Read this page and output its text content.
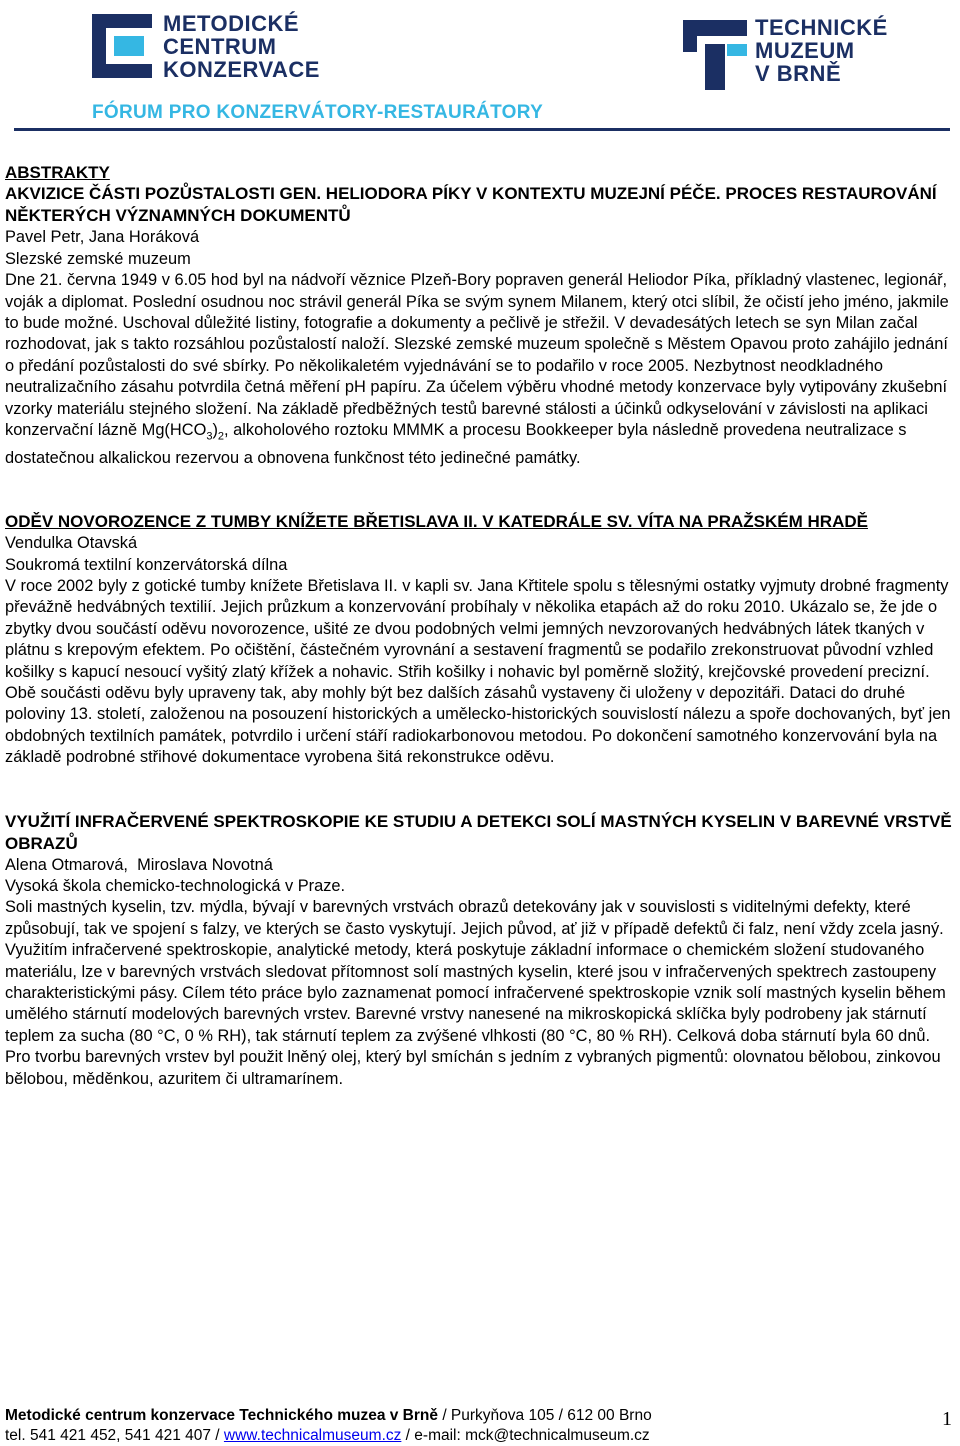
METODICKÉ
CENTRUM
KONZERVACE
TECHNICKÉ
MUZEUM
V BRNĚ
FÓRUM PRO KONZERVÁTORY-RESTAURÁTORY

ABSTRAKTY

AKVIZICE ČÁSTI POZŮSTALOSTI GEN. HELIODORA PÍKY V KONTEXTU MUZEJNÍ PÉČE. PROCES RESTAUROVÁNÍ NĚKTERÝCH VÝZNAMNÝCH DOKUMENTŮ

Pavel Petr, Jana Horáková
Slezské zemské muzeum

Dne 21. června 1949 v 6.05 hod byl na nádvoří věznice Plzeň-Bory popraven generál Heliodor Píka, příkladný vlastenec, legionář, voják a diplomat. Poslední osudnou noc strávil generál Píka se svým synem Milanem, který otci slíbil, že očistí jeho jméno, jakmile to bude možné. Uschoval důležité listiny, fotografie a dokumenty a pečlivě je střežil. V devadesátých letech se syn Milan začal rozhodovat, jak s takto rozsáhlou pozůstalostí naloží. Slezské zemské muzeum společně s Městem Opavou proto zahájilo jednání o předání pozůstalosti do své sbírky. Po několikaletém vyjednávání se to podařilo v roce 2005. Nezbytnost neodkladného neutralizačního zásahu potvrdila četná měření pH papíru. Za účelem výběru vhodné metody konzervace byly vytipovány zkušební vzorky materiálu stejného složení. Na základě předběžných testů barevné stálosti a účinků odkyselování v závislosti na aplikaci konzervační lázně $Mg(HCO_3)_2$, alkoholového roztoku MMMK a procesu Bookkeeper byla následně provedena neutralizace s dostatečnou alkalickou rezervou a obnovena funkčnost této jedinečné památky.

ODĚV NOVOROZENCE Z TUMBY KNÍŽETE BŘETISLAVA II. V KATEDRÁLE SV. VÍTA NA PRAŽSKÉM HRADĚ

Vendulka Otavská
Soukromá textilní konzervátorská dílna

V roce 2002 byly z gotické tumby knížete Břetislava II. v kapli sv. Jana Křtitele spolu s tělesnými ostatky vyjmuty drobné fragmenty převážně hedvábných textilií. Jejich průzkum a konzervování probíhaly v několika etapách až do roku 2010. Ukázalo se, že jde o zbytky dvou součástí oděvu novorozence, ušité ze dvou podobných velmi jemných nevzorovaných hedvábných látek tkaných v plátnu s krepovým efektem. Po očištění, částečném vyrovnání a sestavení fragmentů se podařilo zrekonstruovat původní vzhled košilky s kapucí nesoucí vyšitý zlatý křížek a nohavic. Střih košilky i nohavic byl poměrně složitý, krejčovské provedení precizní. Obě součásti oděvu byly upraveny tak, aby mohly být bez dalších zásahů vystaveny či uloženy v depozitáři. Dataci do druhé poloviny 13. století, založenou na posouzení historických a umělecko-historických souvislostí nálezu a spoře dochovaných, byť jen obdobných textilních památek, potvrdilo i určení stáří radiokarbonovou metodou. Po dokončení samotného konzervování byla na základě podrobné střihové dokumentace vyrobena šitá rekonstrukce oděvu.

VYUŽITÍ INFRAČERVENÉ SPEKTROSKOPIE KE STUDIU A DETEKCI SOLÍ MASTNÝCH KYSELIN V BAREVNÉ VRSTVĚ OBRAZŮ

Alena Otmarová,  Miroslava Novotná
Vysoká škola chemicko-technologická v Praze.

Soli mastných kyselin, tzv. mýdla, bývají v barevných vrstvách obrazů detekovány jak v souvislosti s viditelnými defekty, které způsobují, tak ve spojení s falzy, ve kterých se často vyskytují. Jejich původ, ať již v případě defektů či falz, není vždy zcela jasný. Využitím infračervené spektroskopie, analytické metody, která poskytuje základní informace o chemickém složení studovaného materiálu, lze v barevných vrstvách sledovat přítomnost solí mastných kyselin, které jsou v infračervených spektrech zastoupeny charakteristickými pásy. Cílem této práce bylo zaznamenat pomocí infračervené spektroskopie vznik solí mastných kyselin během umělého stárnutí modelových barevných vrstev. Barevné vrstvy nanesené na mikroskopická sklíčka byly podrobeny jak stárnutí teplem za sucha (80 °C, 0 % RH), tak stárnutí teplem za zvýšené vlhkosti (80 °C, 80 % RH). Celková doba stárnutí byla 60 dnů. Pro tvorbu barevných vrstev byl použit lněný olej, který byl smíchán s jedním z vybraných pigmentů: olovnatou bělobou, zinkovou bělobou, měděnkou, azuritem či ultramarínem.

Metodické centrum konzervace Technického muzea v Brně / Purkyňova 105 / 612 00 Brno
tel. 541 421 452, 541 421 407 / www.technicalmuseum.cz / e-mail: mck@technicalmuseum.cz
1
